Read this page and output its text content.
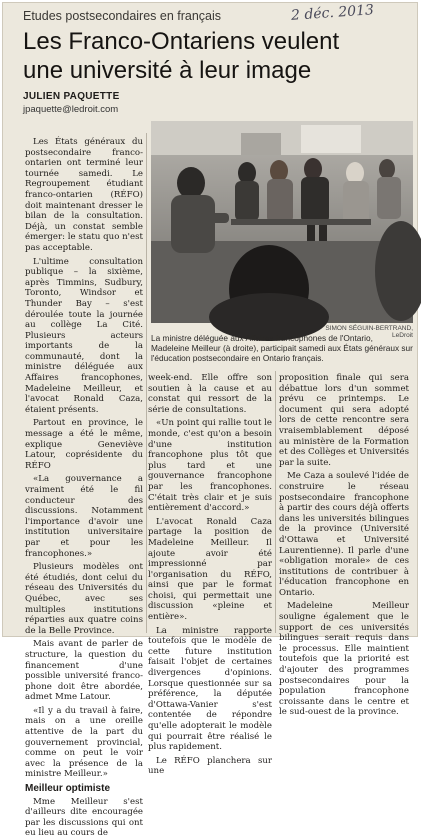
Etudes postsecondaires en français	2 déc. 2013
Les Franco-Ontariens veulent
une université à leur image
JULIEN PAQUETTE
jpaquette@ledroit.com

Les États généraux du postsecondaire franco-ontarien ont terminé leur tournée samedi. Le Regroupement étudiant franco-ontarien (RÉFO) doit maintenant dresser le bilan de la consultation. Déjà, un constat semble émerger: le statu quo n'est pas acceptable.

L'ultime consultation publique – la sixième, après Timmins, Sudbury, Toronto, Windsor et Thunder Bay – s'est déroulée toute la journée au collège La Cité. Plusieurs acteurs importants de la communauté, dont la ministre déléguée aux Affaires francophones, Madeleine Meilleur, et l'avocat Ronald Caza, étaient présents.

Partout en province, le message a été le même, explique Geneviève Latour, coprésidente du RÉFO

«La gouvernance a vraiment été le fil conducteur des discussions. Notamment l'importance d'avoir une institution universitaire par et pour les francophones.»

Plusieurs modèles ont été étudiés, dont celui du réseau des Universités du Québec, avec ses multiples institutions réparties aux quatre coins de la Belle Province.

Mais avant de parler de structure, la question du financement d'une possible université franco-phone doit être abordée, admet Mme Latour.

«Il y a du travail à faire, mais on a une oreille attentive de la part du gouvernement provincial, comme on peut le voir avec la présence de la ministre Meilleur.»

Meilleur optimiste

Mme Meilleur s'est d'ailleurs dite encouragée par les discussions qui ont eu lieu au cours de

SIMON SÉGUIN-BERTRAND, LeDroit
La ministre déléguée aux Affaires francophones de l'Ontario, Madeleine Meilleur (à droite), participait samedi aux États généraux sur l'éducation postsecondaire en Ontario français.

week-end. Elle offre son soutien à la cause et au constat qui ressort de la série de consultations.

«Un point qui rallie tout le monde, c'est qu'on a besoin d'une institution francophone plus tôt que plus tard et une gouvernance francophone par les francophones. C'était très clair et je suis entièrement d'accord.»

L'avocat Ronald Caza partage la position de Madeleine Meilleur. Il ajoute avoir été impressionné par l'organisation du RÉFO, ainsi que par le format choisi, qui permettait une discussion «pleine et entière».

La ministre rapporte toutefois que le modèle de cette future institution faisait l'objet de certaines divergences d'opinions. Lorsque questionnée sur sa préférence, la députée d'Ottawa-Vanier s'est contentée de répondre qu'elle adopterait le modèle qui pourrait être réalisé le plus rapidement.

Le RÉFO planchera sur une

proposition finale qui sera débattue lors d'un sommet prévu ce printemps. Le document qui sera adopté lors de cette rencontre sera vraisemblablement déposé au ministère de la Formation et des Collèges et Universités par la suite.

Me Caza a soulevé l'idée de construire le réseau postsecondaire francophone à partir des cours déjà offerts dans les universités bilingues de la province (Université d'Ottawa et Université Laurentienne). Il parle d'une «obligation morale» de ces institutions de contribuer à l'éducation francophone en Ontario.

Madeleine Meilleur souligne également que le support de ces universités bilingues serait requis dans le processus. Elle maintient toutefois que la priorité est d'ajouter des programmes postsecondaires pour la population francophone croissante dans le centre et le sud-ouest de la province.
